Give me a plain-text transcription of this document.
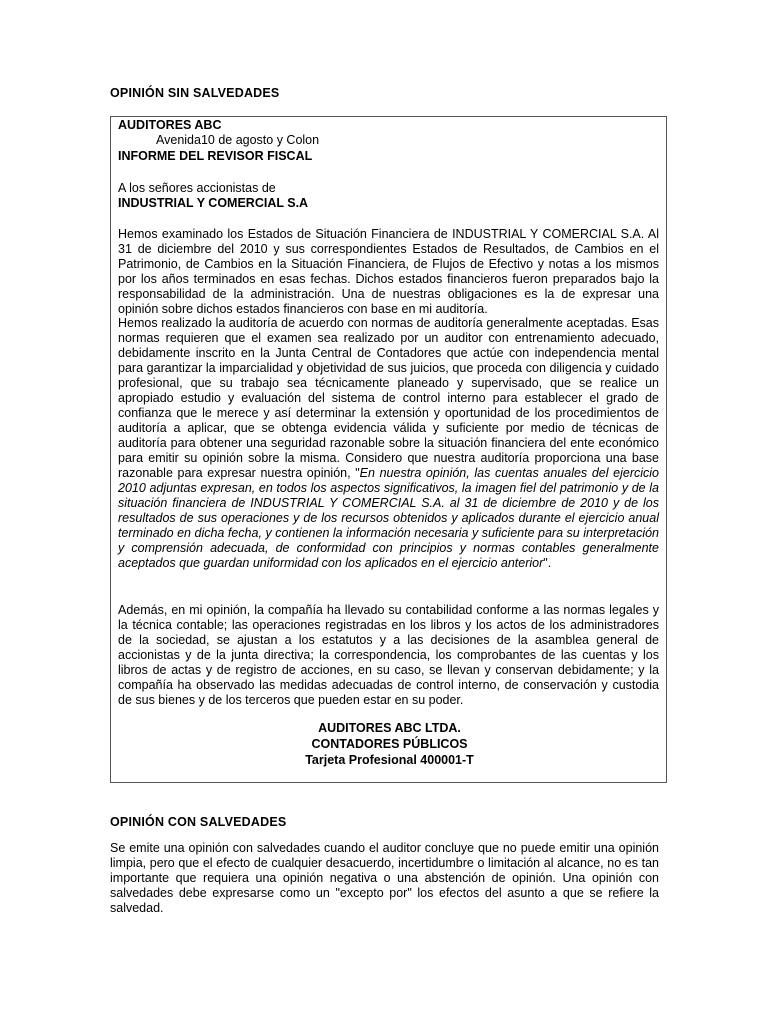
OPINIÓN SIN SALVEDADES
AUDITORES ABC
Avenida10 de agosto y Colon
INFORME DEL REVISOR FISCAL
A los señores accionistas de
INDUSTRIAL Y COMERCIAL S.A
Hemos examinado los Estados de Situación Financiera de INDUSTRIAL Y COMERCIAL S.A. Al 31 de diciembre del 2010 y sus correspondientes Estados de Resultados, de Cambios en el Patrimonio, de Cambios en la Situación Financiera, de Flujos de Efectivo y notas a los mismos por los años terminados en esas fechas. Dichos estados financieros fueron preparados bajo la responsabilidad de la administración. Una de nuestras obligaciones es la de expresar una opinión sobre dichos estados financieros con base en mi auditoría.
Hemos realizado la auditoría de acuerdo con normas de auditoría generalmente aceptadas. Esas normas requieren que el examen sea realizado por un auditor con entrenamiento adecuado, debidamente inscrito en la Junta Central de Contadores que actúe con independencia mental para garantizar la imparcialidad y objetividad de sus juicios, que proceda con diligencia y cuidado profesional, que su trabajo sea técnicamente planeado y supervisado, que se realice un apropiado estudio y evaluación del sistema de control interno para establecer el grado de confianza que le merece y así determinar la extensión y oportunidad de los procedimientos de auditoría a aplicar, que se obtenga evidencia válida y suficiente por medio de técnicas de auditoría para obtener una seguridad razonable sobre la situación financiera del ente económico para emitir su opinión sobre la misma. Considero que nuestra auditoría proporciona una base razonable para expresar nuestra opinión, "En nuestra opinión, las cuentas anuales del ejercicio 2010 adjuntas expresan, en todos los aspectos significativos, la imagen fiel del patrimonio y de la situación financiera de INDUSTRIAL Y COMERCIAL S.A. al 31 de diciembre de 2010 y de los resultados de sus operaciones y de los recursos obtenidos y aplicados durante el ejercicio anual terminado en dicha fecha, y contienen la información necesaria y suficiente para su interpretación y comprensión adecuada, de conformidad con principios y normas contables generalmente aceptados que guardan uniformidad con los aplicados en el ejercicio anterior".
Además, en mi opinión, la compañía ha llevado su contabilidad conforme a las normas legales y la técnica contable; las operaciones registradas en los libros y los actos de los administradores de la sociedad, se ajustan a los estatutos y a las decisiones de la asamblea general de accionistas y de la junta directiva; la correspondencia, los comprobantes de las cuentas y los libros de actas y de registro de acciones, en su caso, se llevan y conservan debidamente; y la compañía ha observado las medidas adecuadas de control interno, de conservación y custodia de sus bienes y de los terceros que pueden estar en su poder.
AUDITORES ABC LTDA.
CONTADORES PÚBLICOS
Tarjeta Profesional 400001-T
OPINIÓN CON SALVEDADES
Se emite una opinión con salvedades cuando el auditor concluye que no puede emitir una opinión limpia, pero que el efecto de cualquier desacuerdo, incertidumbre o limitación al alcance, no es tan importante que requiera una opinión negativa o una abstención de opinión. Una opinión con salvedades debe expresarse como un "excepto por" los efectos del asunto a que se refiere la salvedad.
